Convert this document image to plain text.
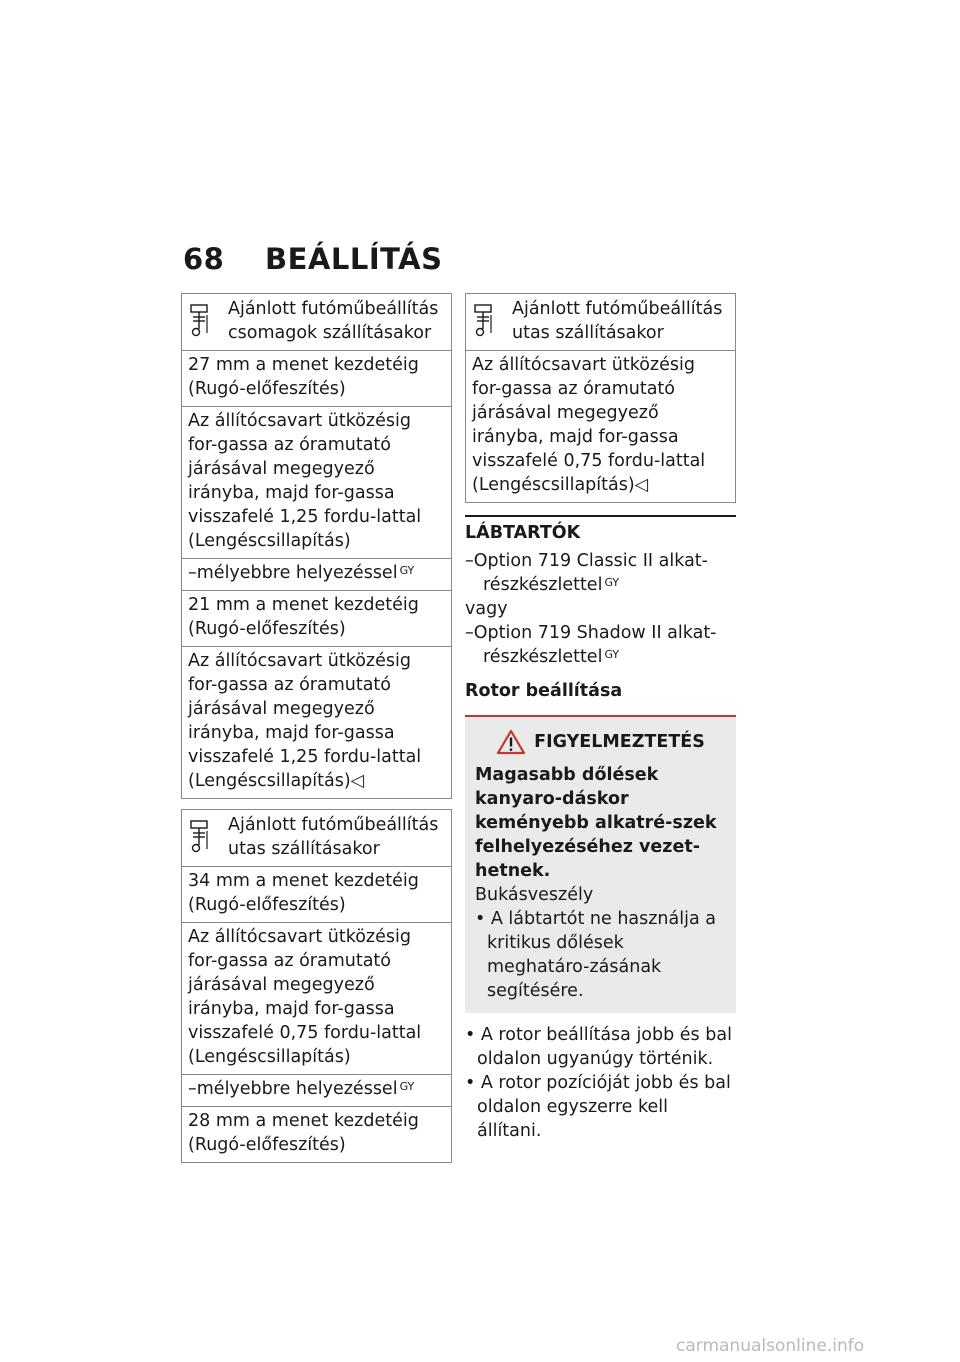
68 BEÁLLÍTÁS
Ajánlott futóműbeállítás csomagok szállításakor

27 mm a menet kezdetéig (Rugó-előfeszítés)
Az állítócsavart ütközésig for-gassa az óramutató járásával megegyező irányba, majd for-gassa visszafelé 1,25 fordu-lattal (Lengéscsillapítás)
–mélyebbre helyezéssel $^{GY}$
21 mm a menet kezdetéig (Rugó-előfeszítés)
Az állítócsavart ütközésig for-gassa az óramutató járásával megegyező irányba, majd for-gassa visszafelé 1,25 fordu-lattal (Lengéscsillapítás)◁
Ajánlott futóműbeállítás utas szállításakor

34 mm a menet kezdetéig (Rugó-előfeszítés)
Az állítócsavart ütközésig for-gassa az óramutató járásával megegyező irányba, majd for-gassa visszafelé 0,75 fordu-lattal (Lengéscsillapítás)
–mélyebbre helyezéssel $^{GY}$
28 mm a menet kezdetéig (Rugó-előfeszítés)
Ajánlott futóműbeállítás utas szállításakor

Az állítócsavart ütközésig for-gassa az óramutató járásával megegyező irányba, majd for-gassa visszafelé 0,75 fordu-lattal (Lengéscsillapítás)◁
LÁBTARTÓK
–Option 719 Classic II alkat-részkészlettel $^{GY}$
vagy
–Option 719 Shadow II alkat-részkészlettel $^{GY}$
Rotor beállítása
FIGYELMEZTETÉS
Magasabb dőlések kanyaro-dáskor keményebb alkatré-szek felhelyezéséhez vezet-hetnek.
Bukásveszély
• A lábtartót ne használja a kritikus dőlések meghatáro-zásának segítésére.
• A rotor beállítása jobb és bal oldalon ugyanúgy történik.
• A rotor pozícióját jobb és bal oldalon egyszerre kell állítani.
carmanualsonline.info
